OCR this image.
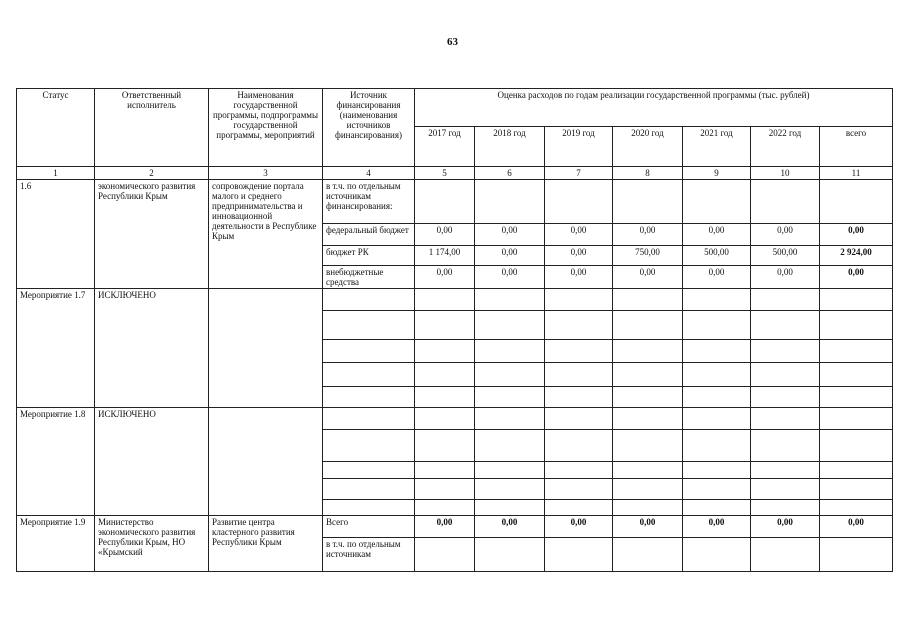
63
Статус	Ответственный исполнитель	Наименования государственной программы, подпрограммы государственной программы, мероприятий	Источник финансирования (наименования источников финансирования)	Оценка расходов по годам реализации государственной программы (тыс. рублей)						
				2017 год	2018 год	2019 год	2020 год	2021 год	2022 год	всего
1	2	3	4	5	6	7	8	9	10	11
1.6	экономического развития Республики Крым	сопровождение портала малого и среднего предпринимательства и инновационной деятельности в Республике Крым	в т.ч. по отдельным источникам финансирования:							
			федеральный бюджет	0,00	0,00	0,00	0,00	0,00	0,00	0,00
			бюджет РК	1 174,00	0,00	0,00	750,00	500,00	500,00	2 924,00
			внебюджетные средства	0,00	0,00	0,00	0,00	0,00	0,00	0,00
Мероприятие 1.7	ИСКЛЮЧЕНО									

Мероприятие 1.8	ИСКЛЮЧЕНО									

Мероприятие 1.9	Министерство экономического развития Республики Крым, НО «Крымский	Развитие центра кластерного развития Республики Крым	Всего	0,00	0,00	0,00	0,00	0,00	0,00	0,00
			в т.ч. по отдельным источникам							
